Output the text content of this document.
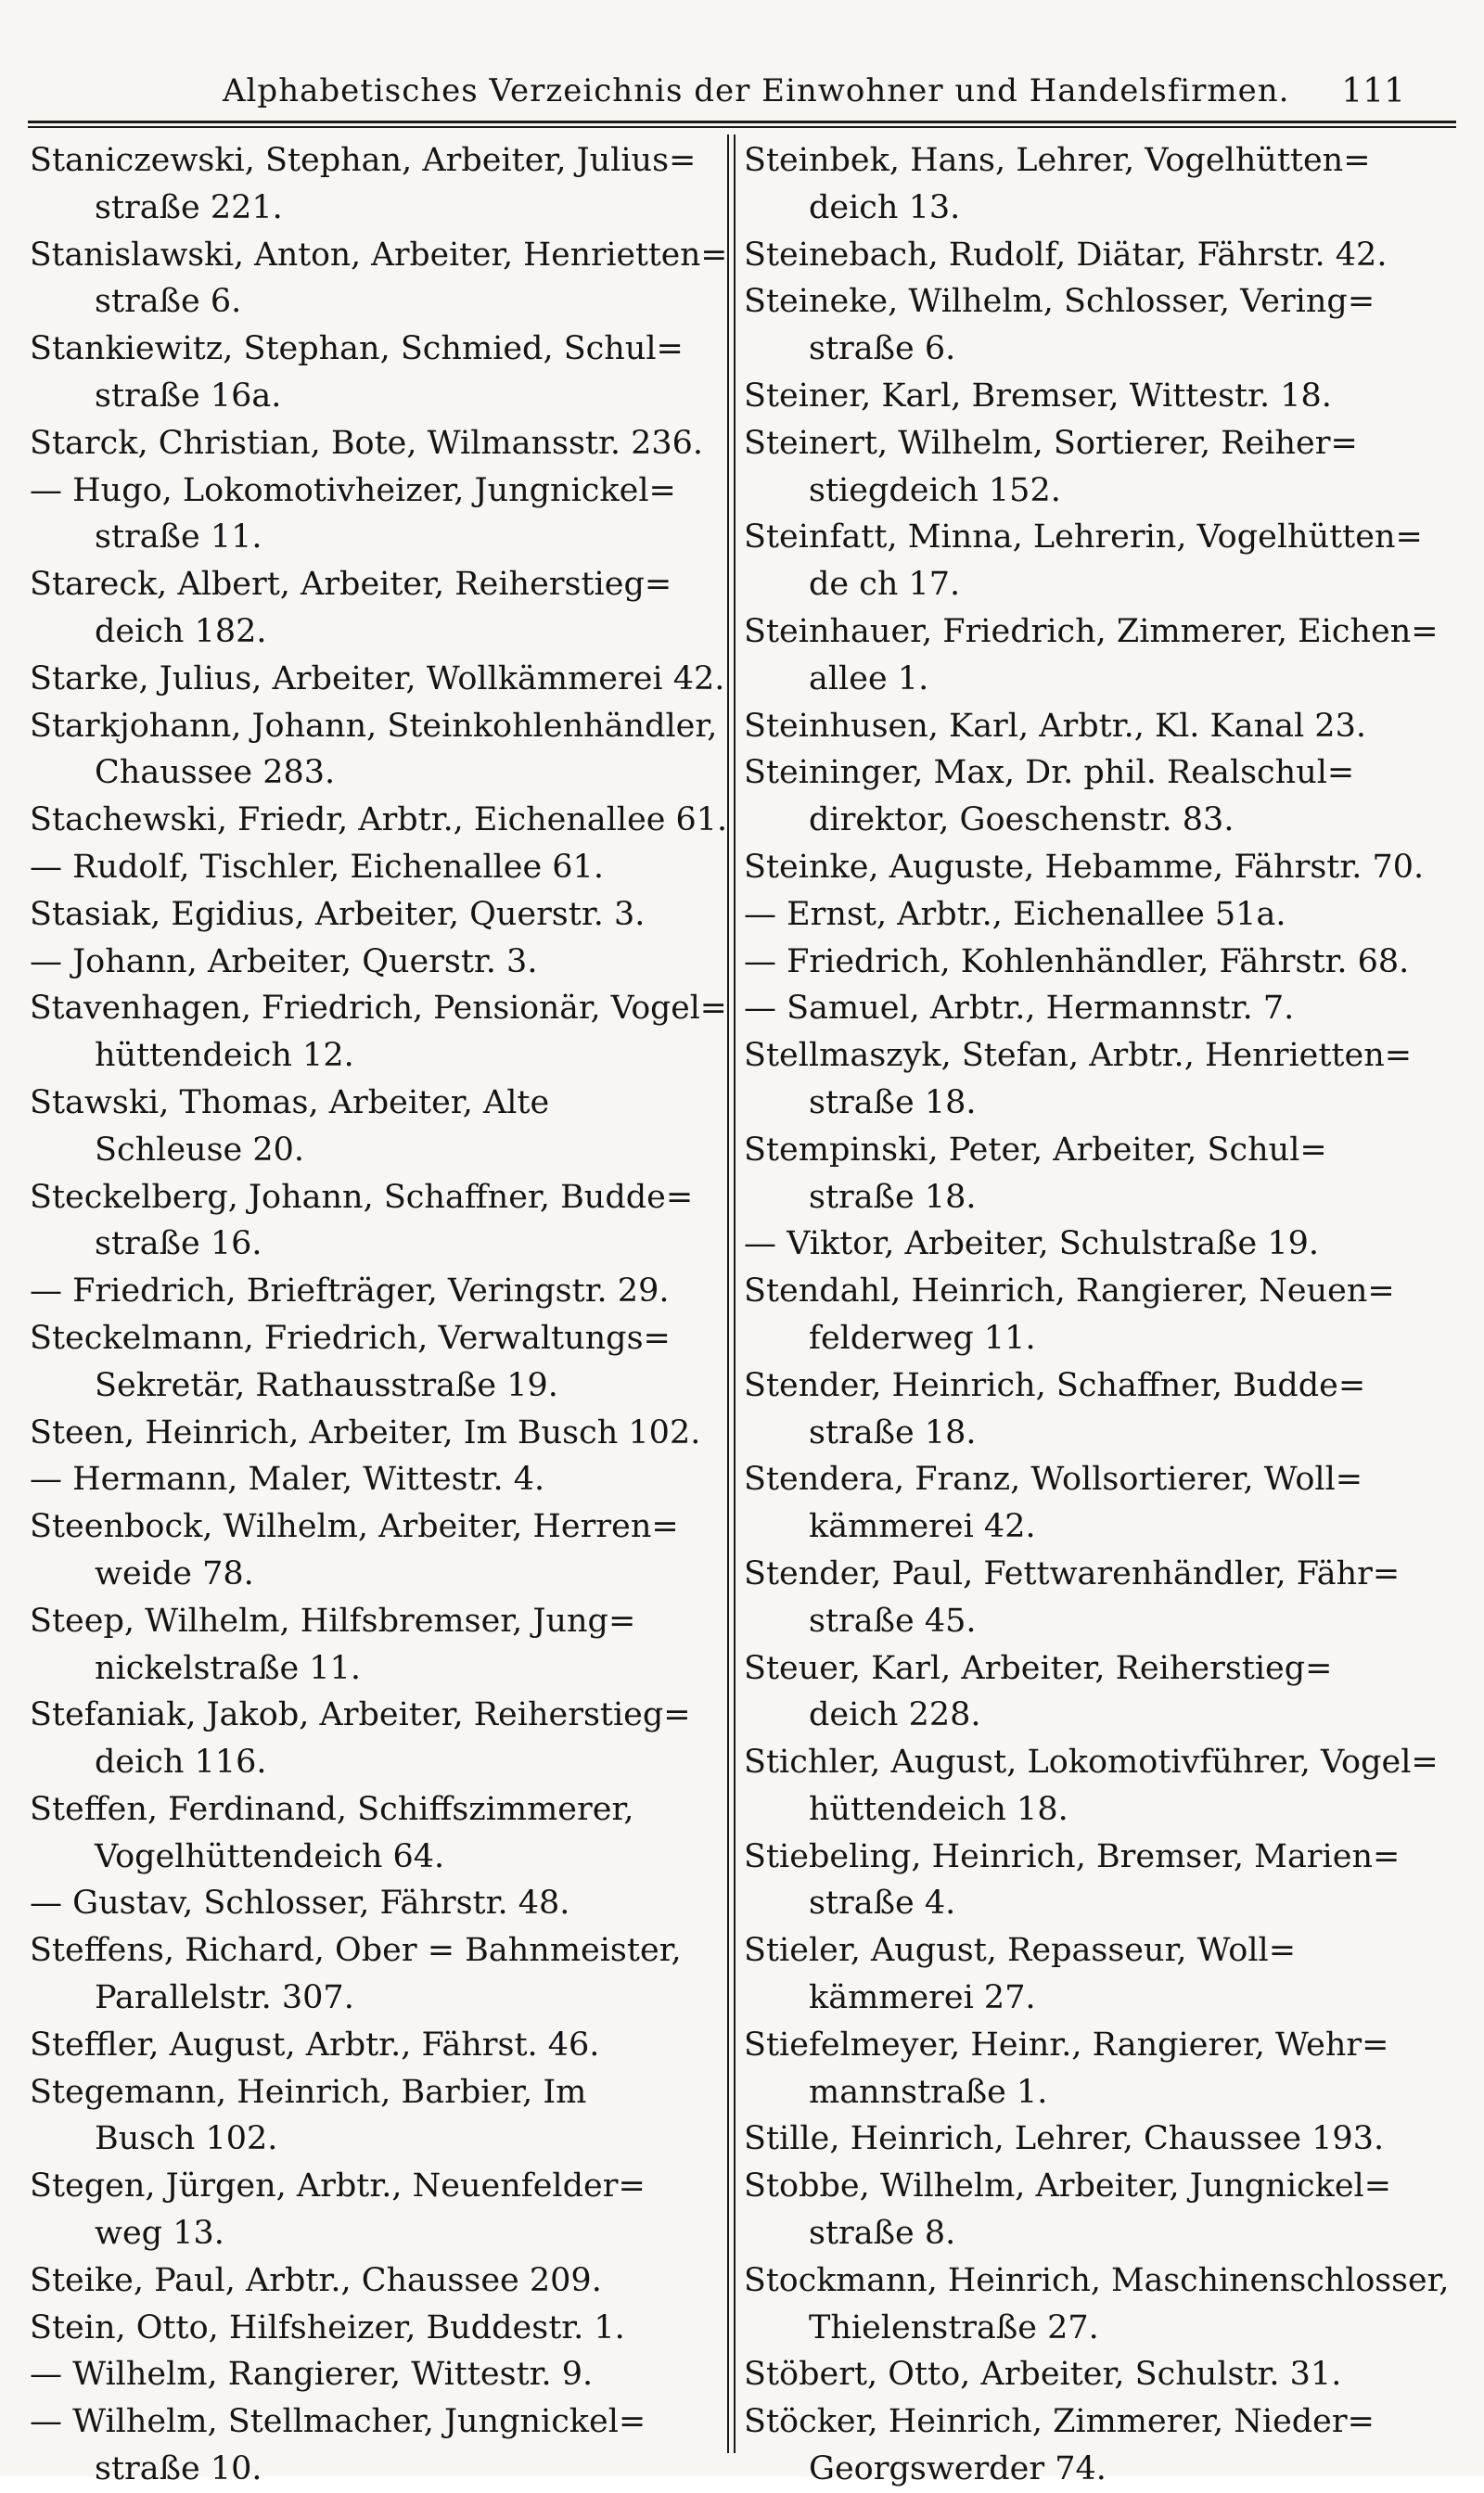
Alphabetisches Verzeichnis der Einwohner und Handelsfirmen. 111
Staniczewski, Stephan, Arbeiter, Julius=
straße 221.
Stanislawski, Anton, Arbeiter, Henrietten=
straße 6.
Stankiewitz, Stephan, Schmied, Schul=
straße 16a.
Starck, Christian, Bote, Wilmansstr. 236.
— Hugo, Lokomotivheizer, Jungnickel=
straße 11.
Stareck, Albert, Arbeiter, Reiherstieg=
deich 182.
Starke, Julius, Arbeiter, Wollkämmerei 42.
Starkjohann, Johann, Steinkohlenhändler,
Chaussee 283.
Stachewski, Friedr, Arbtr., Eichenallee 61.
— Rudolf, Tischler, Eichenallee 61.
Stasiak, Egidius, Arbeiter, Querstr. 3.
— Johann, Arbeiter, Querstr. 3.
Stavenhagen, Friedrich, Pensionär, Vogel=
hüttendeich 12.
Stawski, Thomas, Arbeiter, Alte
Schleuse 20.
Steckelberg, Johann, Schaffner, Budde=
straße 16.
— Friedrich, Briefträger, Veringstr. 29.
Steckelmann, Friedrich, Verwaltungs=
Sekretär, Rathausstraße 19.
Steen, Heinrich, Arbeiter, Im Busch 102.
— Hermann, Maler, Wittestr. 4.
Steenbock, Wilhelm, Arbeiter, Herren=
weide 78.
Steep, Wilhelm, Hilfsbremser, Jung=
nickelstraße 11.
Stefaniak, Jakob, Arbeiter, Reiherstieg=
deich 116.
Steffen, Ferdinand, Schiffszimmerer,
Vogelhüttendeich 64.
— Gustav, Schlosser, Fährstr. 48.
Steffens, Richard, Ober = Bahnmeister,
Parallelstr. 307.
Steffler, August, Arbtr., Fährst. 46.
Stegemann, Heinrich, Barbier, Im
Busch 102.
Stegen, Jürgen, Arbtr., Neuenfelder=
weg 13.
Steike, Paul, Arbtr., Chaussee 209.
Stein, Otto, Hilfsheizer, Buddestr. 1.
— Wilhelm, Rangierer, Wittestr. 9.
— Wilhelm, Stellmacher, Jungnickel=
straße 10.
Steinbek, Hans, Lehrer, Vogelhütten=
deich 13.
Steinebach, Rudolf, Diätar, Fährstr. 42.
Steineke, Wilhelm, Schlosser, Vering=
straße 6.
Steiner, Karl, Bremser, Wittestr. 18.
Steinert, Wilhelm, Sortierer, Reiher=
stiegdeich 152.
Steinfatt, Minna, Lehrerin, Vogelhütten=
de ch 17.
Steinhauer, Friedrich, Zimmerer, Eichen=
allee 1.
Steinhusen, Karl, Arbtr., Kl. Kanal 23.
Steininger, Max, Dr. phil. Realschul=
direktor, Goeschenstr. 83.
Steinke, Auguste, Hebamme, Fährstr. 70.
— Ernst, Arbtr., Eichenallee 51a.
— Friedrich, Kohlenhändler, Fährstr. 68.
— Samuel, Arbtr., Hermannstr. 7.
Stellmaszyk, Stefan, Arbtr., Henrietten=
straße 18.
Stempinski, Peter, Arbeiter, Schul=
straße 18.
— Viktor, Arbeiter, Schulstraße 19.
Stendahl, Heinrich, Rangierer, Neuen=
felderweg 11.
Stender, Heinrich, Schaffner, Budde=
straße 18.
Stendera, Franz, Wollsortierer, Woll=
kämmerei 42.
Stender, Paul, Fettwarenhändler, Fähr=
straße 45.
Steuer, Karl, Arbeiter, Reiherstieg=
deich 228.
Stichler, August, Lokomotivführer, Vogel=
hüttendeich 18.
Stiebeling, Heinrich, Bremser, Marien=
straße 4.
Stieler, August, Repasseur, Woll=
kämmerei 27.
Stiefelmeyer, Heinr., Rangierer, Wehr=
mannstraße 1.
Stille, Heinrich, Lehrer, Chaussee 193.
Stobbe, Wilhelm, Arbeiter, Jungnickel=
straße 8.
Stockmann, Heinrich, Maschinenschlosser,
Thielenstraße 27.
Stöbert, Otto, Arbeiter, Schulstr. 31.
Stöcker, Heinrich, Zimmerer, Nieder=
Georgswerder 74.
